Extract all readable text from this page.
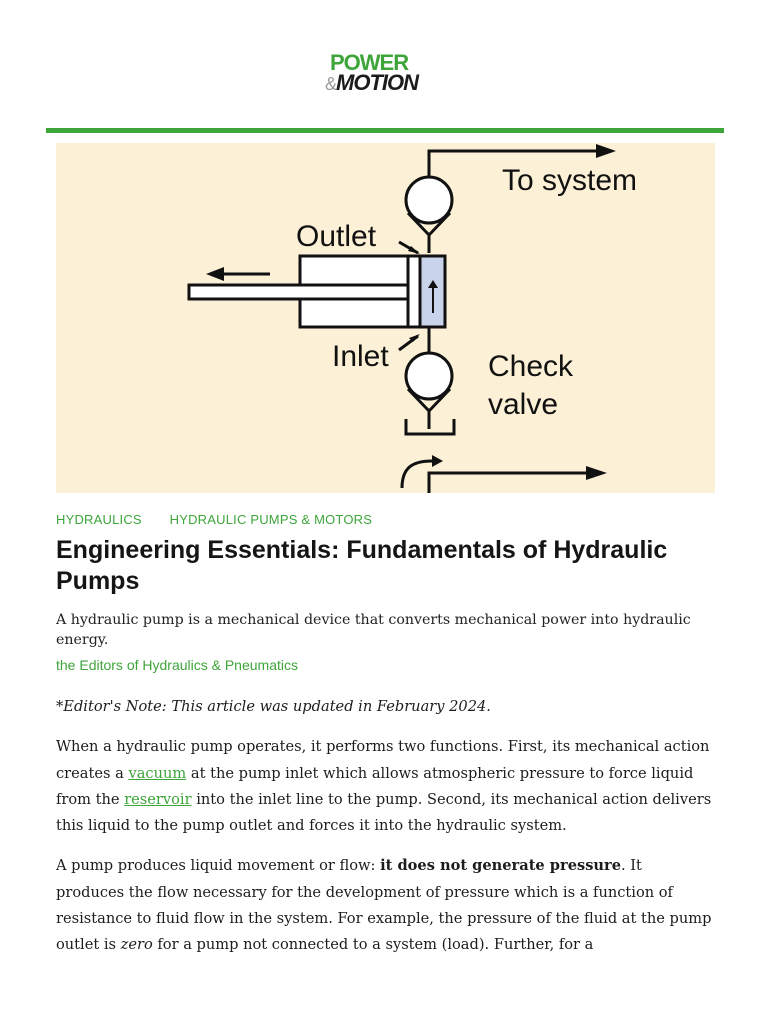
POWER
&MOTION
To system
Outlet
Inlet	Check
valve
HYDRAULICS HYDRAULIC PUMPS & MOTORS
Engineering Essentials: Fundamentals of Hydraulic Pumps

A hydraulic pump is a mechanical device that converts mechanical power into hydraulic energy.

the Editors of Hydraulics & Pneumatics

*Editor's Note: This article was updated in February 2024.

When a hydraulic pump operates, it performs two functions. First, its mechanical action creates a vacuum at the pump inlet which allows atmospheric pressure to force liquid from the reservoir into the inlet line to the pump. Second, its mechanical action delivers this liquid to the pump outlet and forces it into the hydraulic system.

A pump produces liquid movement or flow: it does not generate pressure. It produces the flow necessary for the development of pressure which is a function of resistance to fluid flow in the system. For example, the pressure of the fluid at the pump outlet is zero for a pump not connected to a system (load). Further, for a
